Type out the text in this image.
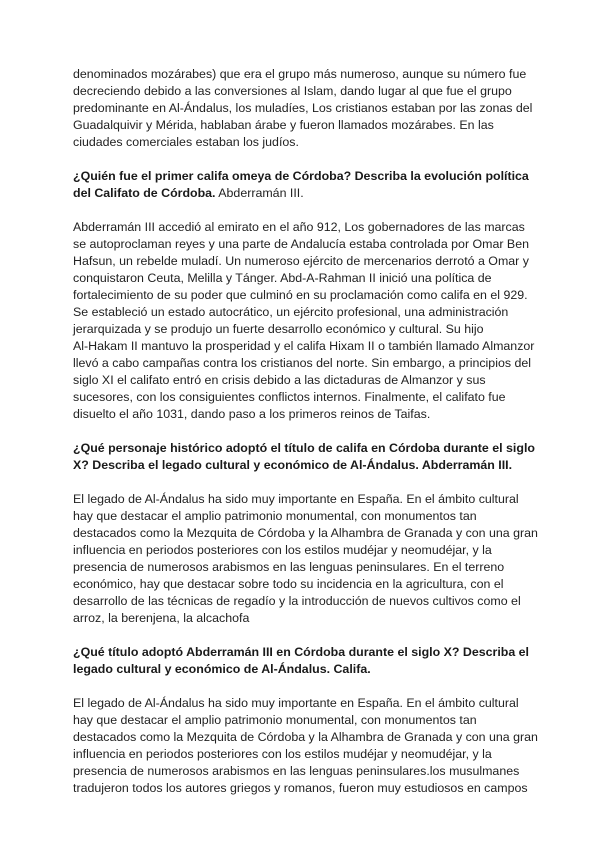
denominados mozárabes) que era el grupo más numeroso, aunque su número fue
decreciendo debido a las conversiones al Islam, dando lugar al que fue el grupo
predominante en Al-Ándalus, los muladíes, Los cristianos estaban por las zonas del
Guadalquivir y Mérida, hablaban árabe y fueron llamados mozárabes. En las
ciudades comerciales estaban los judíos.
¿Quién fue el primer califa omeya de Córdoba? Describa la evolución política
del Califato de Córdoba. Abderramán III.
Abderramán III accedió al emirato en el año 912, Los gobernadores de las marcas
se autoproclaman reyes y una parte de Andalucía estaba controlada por Omar Ben
Hafsun, un rebelde muladí. Un numeroso ejército de mercenarios derrotó a Omar y
conquistaron Ceuta, Melilla y Tánger. Abd-A-Rahman II inició una política de
fortalecimiento de su poder que culminó en su proclamación como califa en el 929.
Se estableció un estado autocrático, un ejército profesional, una administración
jerarquizada y se produjo un fuerte desarrollo económico y cultural. Su hijo
Al-Hakam II mantuvo la prosperidad y el califa Hixam II o también llamado Almanzor
llevó a cabo campañas contra los cristianos del norte. Sin embargo, a principios del
siglo XI el califato entró en crisis debido a las dictaduras de Almanzor y sus
sucesores, con los consiguientes conflictos internos. Finalmente, el califato fue
disuelto el año 1031, dando paso a los primeros reinos de Taifas.
¿Qué personaje histórico adoptó el título de califa en Córdoba durante el siglo
X? Describa el legado cultural y económico de Al-Ándalus. Abderramán III.
El legado de Al-Ándalus ha sido muy importante en España. En el ámbito cultural
hay que destacar el amplio patrimonio monumental, con monumentos tan
destacados como la Mezquita de Córdoba y la Alhambra de Granada y con una gran
influencia en periodos posteriores con los estilos mudéjar y neomudéjar, y la
presencia de numerosos arabismos en las lenguas peninsulares. En el terreno
económico, hay que destacar sobre todo su incidencia en la agricultura, con el
desarrollo de las técnicas de regadío y la introducción de nuevos cultivos como el
arroz, la berenjena, la alcachofa
¿Qué título adoptó Abderramán III en Córdoba durante el siglo X? Describa el
legado cultural y económico de Al-Ándalus. Califa.
El legado de Al-Ándalus ha sido muy importante en España. En el ámbito cultural
hay que destacar el amplio patrimonio monumental, con monumentos tan
destacados como la Mezquita de Córdoba y la Alhambra de Granada y con una gran
influencia en periodos posteriores con los estilos mudéjar y neomudéjar, y la
presencia de numerosos arabismos en las lenguas peninsulares.los musulmanes
tradujeron todos los autores griegos y romanos, fueron muy estudiosos en campos
